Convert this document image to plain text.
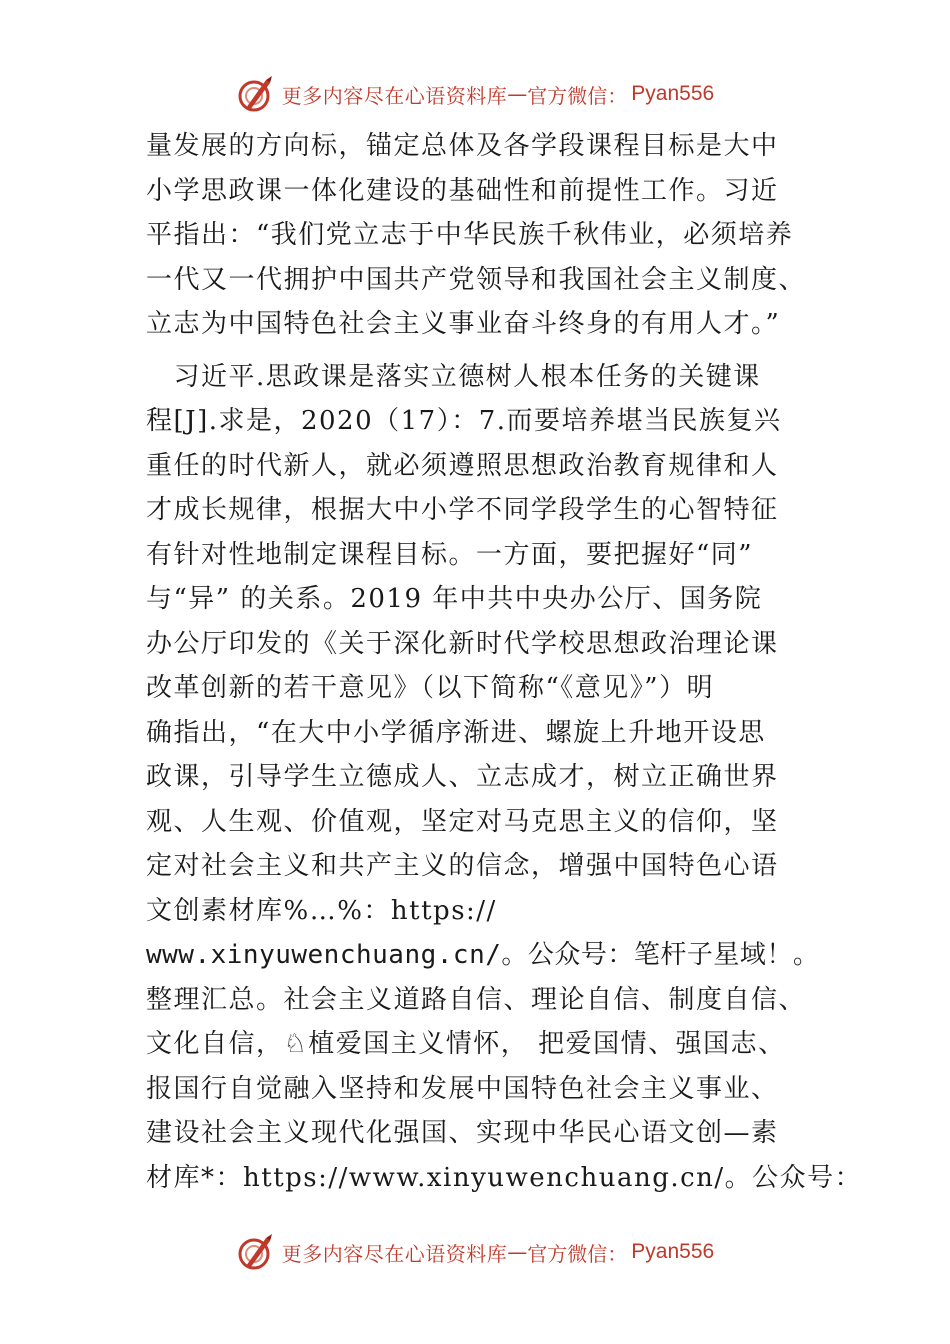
更多内容尽在心语资料库 — 官方微信： Pyan556
量发展的方向标，锚定总体及各学段课程目标是大中
小学思政课一体化建设的基础性和前提性工作。习近
平指出：“我们党立志于中华民族千秋伟业，必须培养
一代又一代拥护中国共产党领导和我国社会主义制度、
立志为中国特色社会主义事业奋斗终身的有用人才。”
　习近平.思政课是落实立德树人根本任务的关键课
程[J].求是，2020（17）：7.而要培养堪当民族复兴
重任的时代新人，就必须遵照思想政治教育规律和人
才成长规律，根据大中小学不同学段学生的心智特征
有针对性地制定课程目标。一方面，要把握好“同”
与“异” 的关系。2019 年中共中央办公厅、国务院
办公厅印发的《关于深化新时代学校思想政治理论课
改革创新的若干意见》（以下简称“《意见》”）明
确指出，“在大中小学循序渐进、螺旋上升地开设思
政课，引导学生立德成人、立志成才，树立正确世界
观、人生观、价值观，坚定对马克思主义的信仰，坚
定对社会主义和共产主义的信念，增强中国特色心语
文创素材库%…%：https://
www.xinyuwenchuang.cn/。公众号：笔杆子星域！。
整理汇总。社会主义道路自信、理论自信、制度自信、
文化自信，♘植爱国主义情怀， 把爱国情、强国志、
报国行自觉融入坚持和发展中国特色社会主义事业、
建设社会主义现代化强国、实现中华民心语文创—素
材库*：https://www.xinyuwenchuang.cn/。公众号：
更多内容尽在心语资料库 — 官方微信： Pyan556
